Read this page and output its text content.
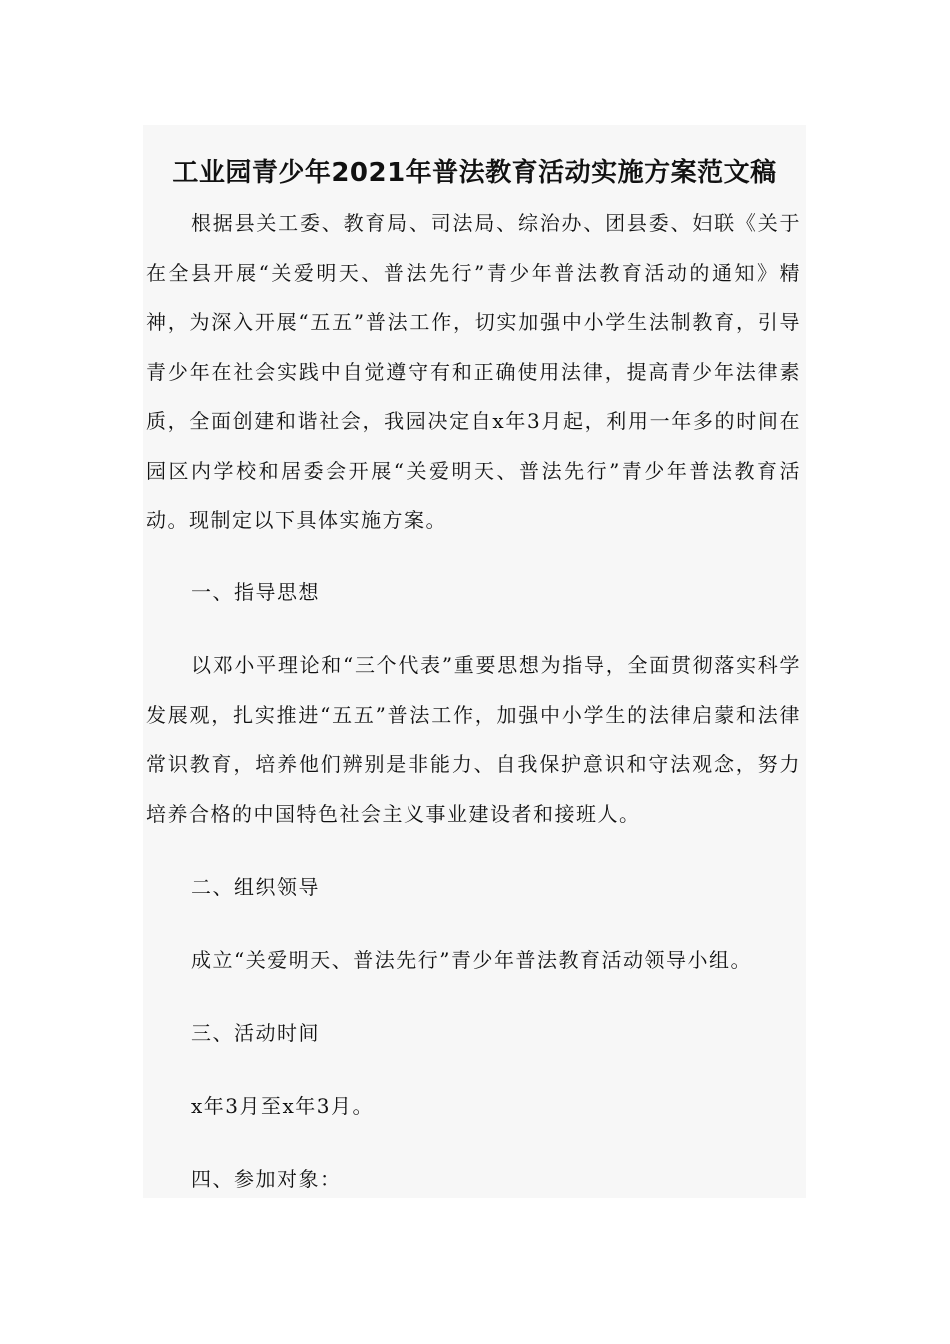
工业园青少年2021年普法教育活动实施方案范文稿

根据县关工委、教育局、司法局、综治办、团县委、妇联《关于在全县开展“关爱明天、普法先行”青少年普法教育活动的通知》精神，为深入开展“五五”普法工作，切实加强中小学生法制教育，引导青少年在社会实践中自觉遵守有和正确使用法律，提高青少年法律素质，全面创建和谐社会，我园决定自x年3月起，利用一年多的时间在园区内学校和居委会开展“关爱明天、普法先行”青少年普法教育活动。现制定以下具体实施方案。

一、指导思想

以邓小平理论和“三个代表”重要思想为指导，全面贯彻落实科学发展观，扎实推进“五五”普法工作，加强中小学生的法律启蒙和法律常识教育，培养他们辨别是非能力、自我保护意识和守法观念，努力培养合格的中国特色社会主义事业建设者和接班人。

二、组织领导

成立“关爱明天、普法先行”青少年普法教育活动领导小组。

三、活动时间

x年3月至x年3月。

四、参加对象：
